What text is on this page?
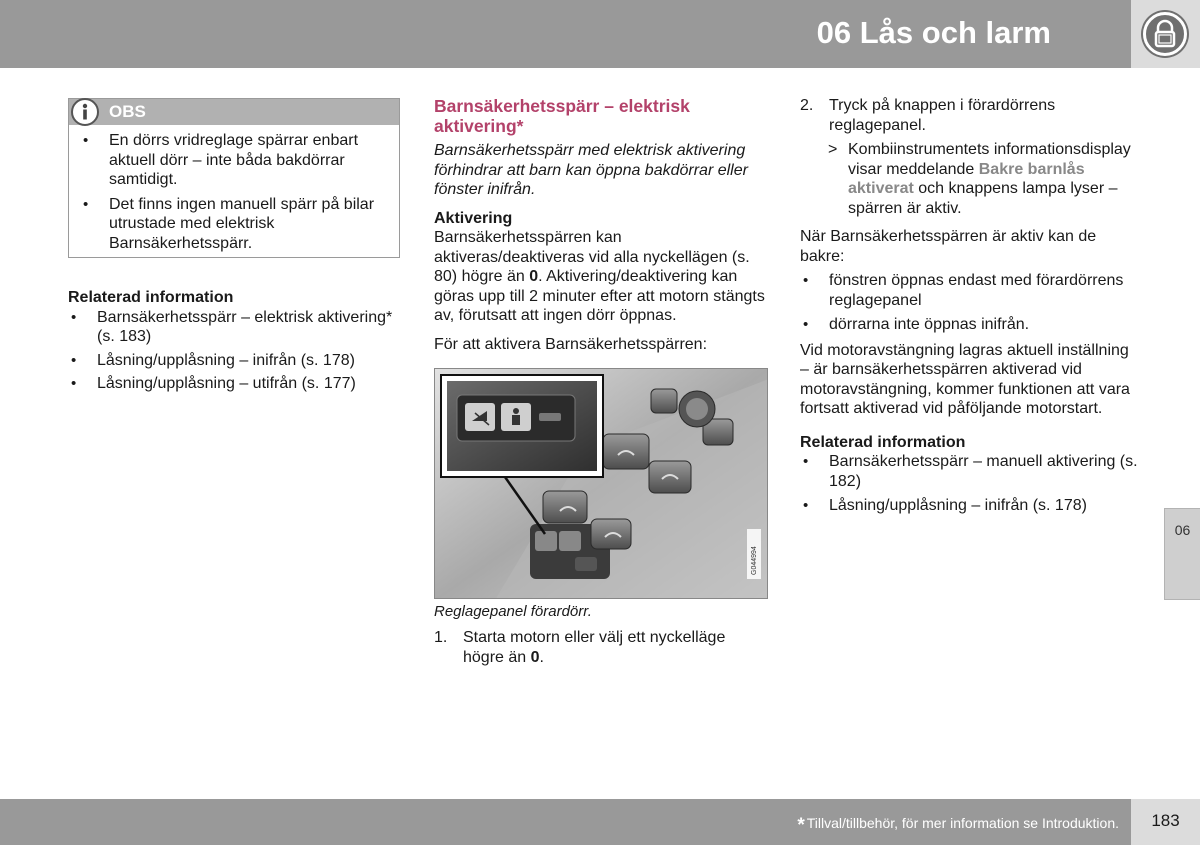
06 Lås och larm
OBS
• En dörrs vridreglage spärrar enbart aktuell dörr – inte båda bakdörrar samtidigt.
• Det finns ingen manuell spärr på bilar utrustade med elektrisk Barnsäkerhetsspärr.
Relaterad information
• Barnsäkerhetsspärr – elektrisk aktivering* (s. 183)
• Låsning/upplåsning – inifrån (s. 178)
• Låsning/upplåsning – utifrån (s. 177)
Barnsäkerhetsspärr – elektrisk aktivering*
Barnsäkerhetsspärr med elektrisk aktivering förhindrar att barn kan öppna bakdörrar eller fönster inifrån.
Aktivering
Barnsäkerhetsspärren kan aktiveras/deaktiveras vid alla nyckellägen (s. 80) högre än 0. Aktivering/deaktivering kan göras upp till 2 minuter efter att motorn stängts av, förutsatt att ingen dörr öppnas.
För att aktivera Barnsäkerhetsspärren:
G044994
Reglagepanel förardörr.
1. Starta motorn eller välj ett nyckelläge högre än 0.
2. Tryck på knappen i förardörrens reglagepanel.
> Kombiinstrumentets informationsdisplay visar meddelande Bakre barnlås aktiverat och knappens lampa lyser – spärren är aktiv.
När Barnsäkerhetsspärren är aktiv kan de bakre:
• fönstren öppnas endast med förardörrens reglagepanel
• dörrarna inte öppnas inifrån.
Vid motoravstängning lagras aktuell inställning – är barnsäkerhetsspärren aktiverad vid motoravstängning, kommer funktionen att vara fortsatt aktiverad vid påföljande motorstart.
Relaterad information
• Barnsäkerhetsspärr – manuell aktivering (s. 182)
• Låsning/upplåsning – inifrån (s. 178)
06
* Tillval/tillbehör, för mer information se Introduktion.	183
